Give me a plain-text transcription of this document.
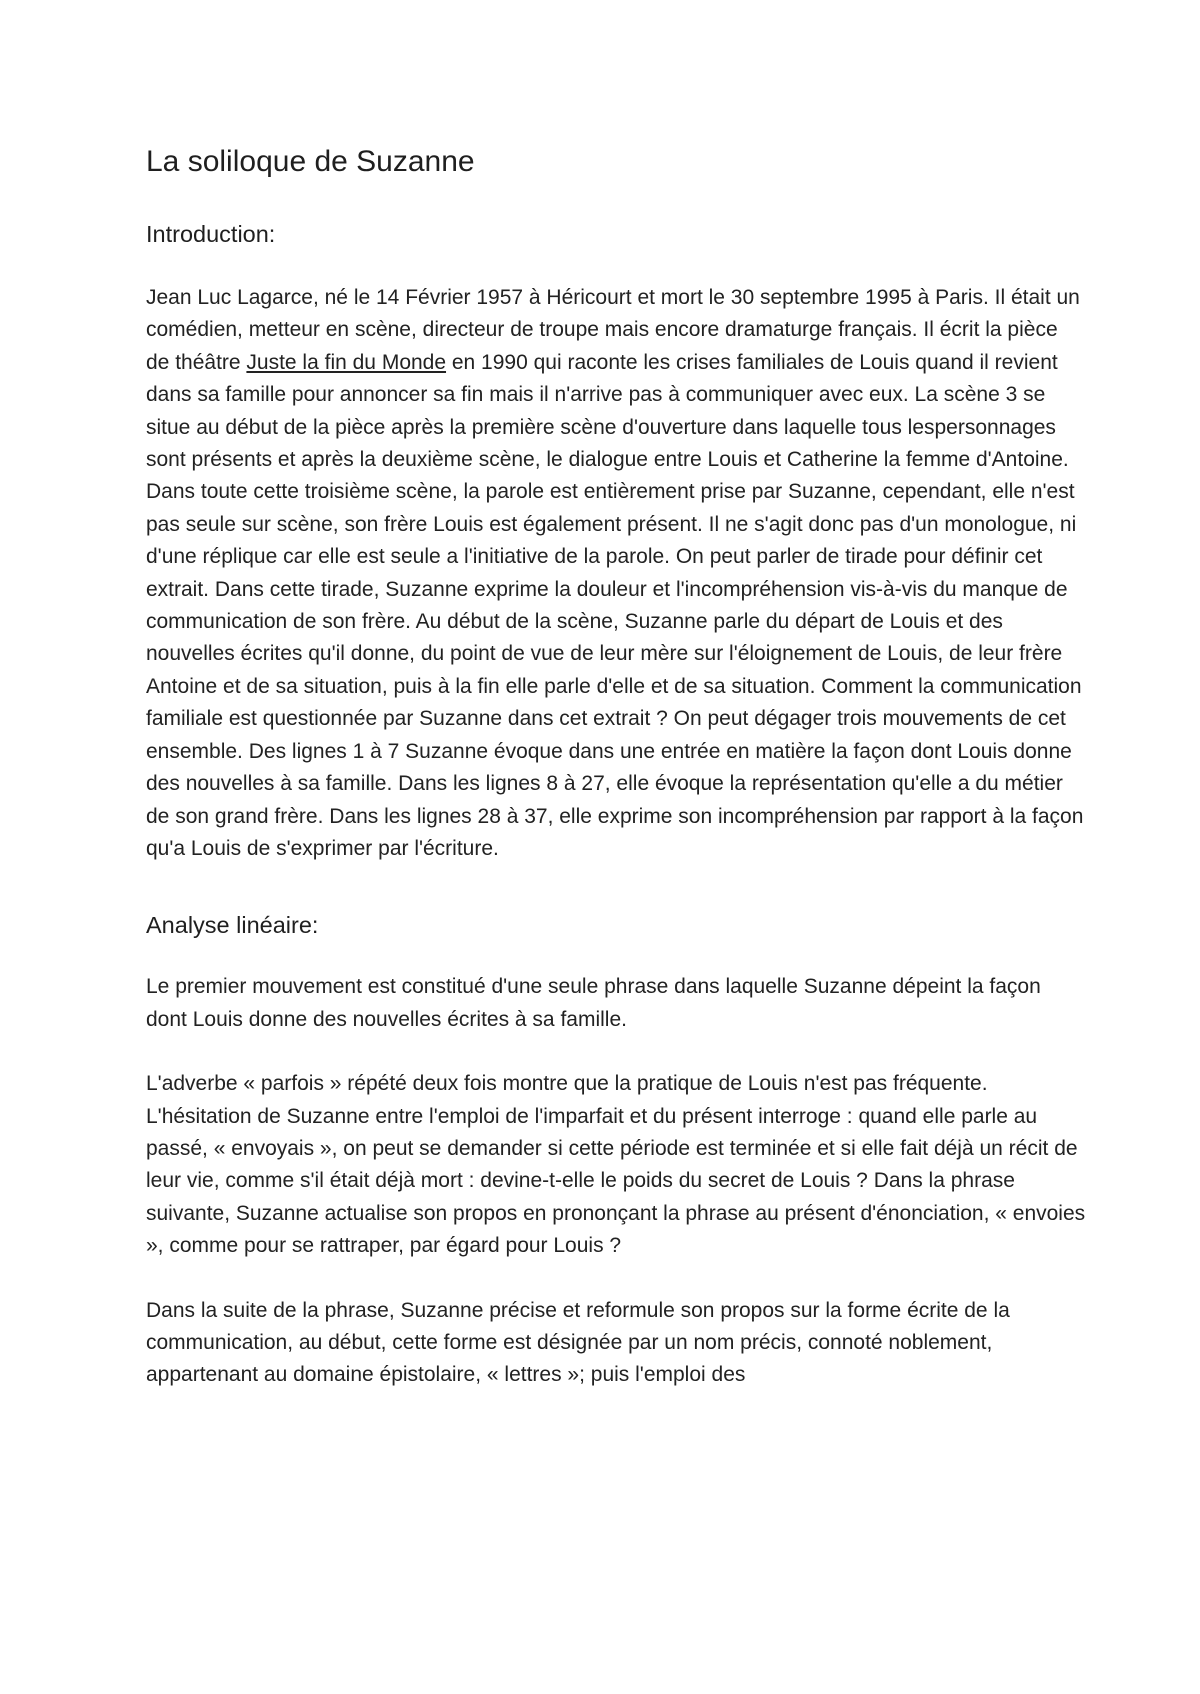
La soliloque de Suzanne
Introduction:

Jean Luc Lagarce, né le 14 Février 1957 à Héricourt et mort le 30 septembre 1995 à Paris. Il était un comédien, metteur en scène, directeur de troupe mais encore dramaturge français. Il écrit la pièce de théâtre Juste la fin du Monde en 1990 qui raconte les crises familiales de Louis quand il revient dans sa famille pour annoncer sa fin mais il n'arrive pas à communiquer avec eux. La scène 3 se situe au début de la pièce après la première scène d'ouverture dans laquelle tous lespersonnages sont présents et après la deuxième scène, le dialogue entre Louis et Catherine la femme d'Antoine. Dans toute cette troisième scène, la parole est entièrement prise par Suzanne, cependant, elle n'est pas seule sur scène, son frère Louis est également présent. Il ne s'agit donc pas d'un monologue, ni d'une réplique car elle est seule a l'initiative de la parole. On peut parler de tirade pour définir cet extrait. Dans cette tirade, Suzanne exprime la douleur et l'incompréhension vis-à-vis du manque de communication de son frère. Au début de la scène, Suzanne parle du départ de Louis et des nouvelles écrites qu'il donne, du point de vue de leur mère sur l'éloignement de Louis, de leur frère Antoine et de sa situation, puis à la fin elle parle d'elle et de sa situation. Comment la communication familiale est questionnée par Suzanne dans cet extrait ? On peut dégager trois mouvements de cet ensemble. Des lignes 1 à 7 Suzanne évoque dans une entrée en matière la façon dont Louis donne des nouvelles à sa famille. Dans les lignes 8 à 27, elle évoque la représentation qu'elle a du métier de son grand frère. Dans les lignes 28 à 37, elle exprime son incompréhension par rapport à la façon qu'a Louis de s'exprimer par l'écriture.

Analyse linéaire:

Le premier mouvement est constitué d'une seule phrase dans laquelle Suzanne dépeint la façon dont Louis donne des nouvelles écrites à sa famille.

L'adverbe « parfois » répété deux fois montre que la pratique de Louis n'est pas fréquente. L'hésitation de Suzanne entre l'emploi de l'imparfait et du présent interroge : quand elle parle au passé, « envoyais », on peut se demander si cette période est terminée et si elle fait déjà un récit de leur vie, comme s'il était déjà mort : devine-t-elle le poids du secret de Louis ? Dans la phrase suivante, Suzanne actualise son propos en prononçant la phrase au présent d'énonciation, « envoies », comme pour se rattraper, par égard pour Louis ?

Dans la suite de la phrase, Suzanne précise et reformule son propos sur la forme écrite de la communication, au début, cette forme est désignée par un nom précis, connoté noblement, appartenant au domaine épistolaire, « lettres »; puis l'emploi des
